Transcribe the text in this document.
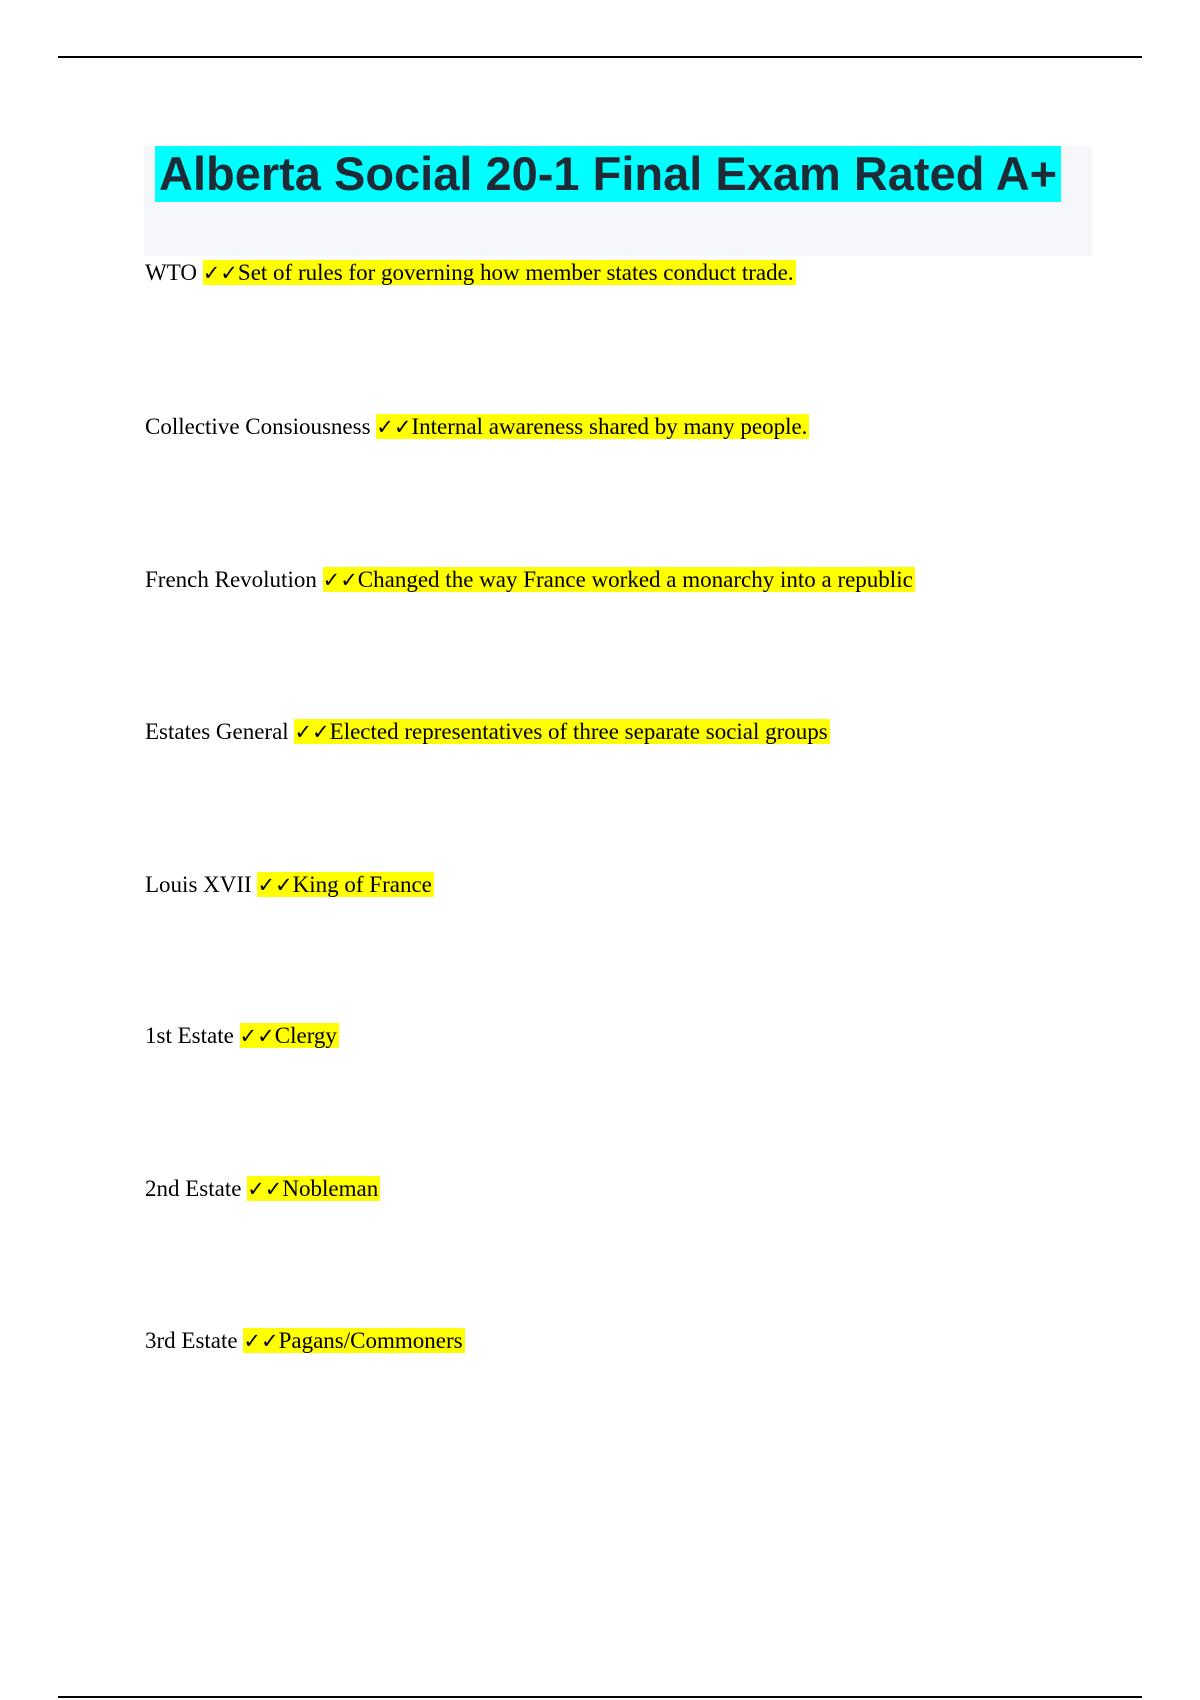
Alberta Social 20-1 Final Exam Rated A+
WTO ✓✓Set of rules for governing how member states conduct trade.
Collective Consiousness ✓✓Internal awareness shared by many people.
French Revolution ✓✓Changed the way France worked a monarchy into a republic
Estates General ✓✓Elected representatives of three separate social groups
Louis XVII ✓✓King of France
1st Estate ✓✓Clergy
2nd Estate ✓✓Nobleman
3rd Estate ✓✓Pagans/Commoners
